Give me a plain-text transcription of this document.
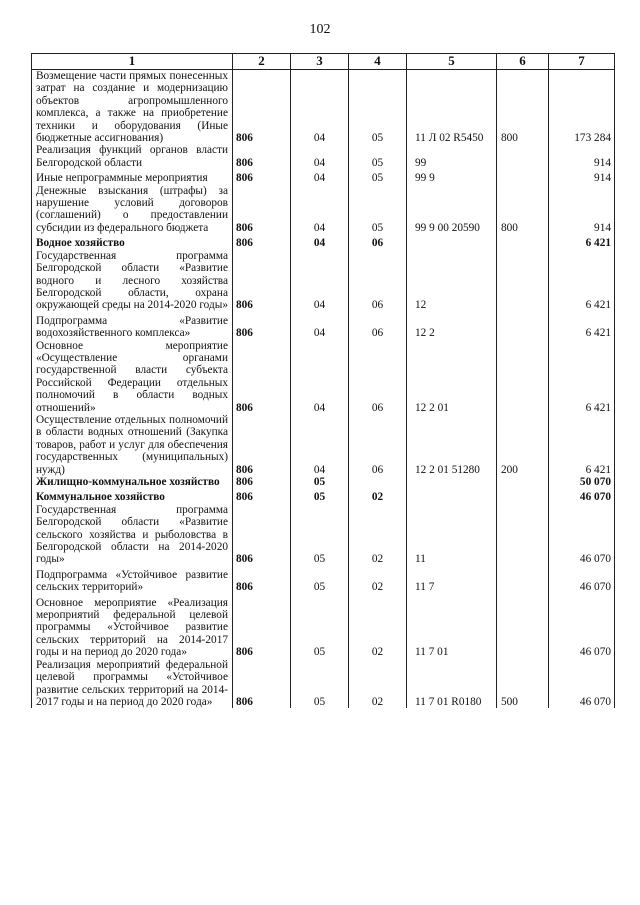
102
1	2	3	4	5	6	7
Возмещение части прямых понесенных затрат на создание и модернизацию объектов агропромышленного комплекса, а также на приобретение техники и оборудования (Иные бюджетные ассигнования)	806	04	05	11 Л 02 R5450	800	173 284
Реализация функций органов власти Белгородской области	806	04	05	99		914
Иные непрограммные мероприятия	806	04	05	99 9		914
Денежные взыскания (штрафы) за нарушение условий договоров (соглашений) о предоставлении субсидии из федерального бюджета	806	04	05	99 9 00 20590	800	914
Водное хозяйство	806	04	06			6 421
Государственная программа Белгородской области «Развитие водного и лесного хозяйства Белгородской области, охрана окружающей среды на 2014-2020 годы»	806	04	06	12		6 421
Подпрограмма «Развитие водохозяйственного комплекса»	806	04	06	12 2		6 421
Основное мероприятие «Осуществление органами государственной власти субъекта Российской Федерации отдельных полномочий в области водных отношений»	806	04	06	12 2 01		6 421
Осуществление отдельных полномочий в области водных отношений (Закупка товаров, работ и услуг для обеспечения государственных (муниципальных) нужд)	806	04	06	12 2 01 51280	200	6 421
Жилищно-коммунальное хозяйство	806	05				50 070
Коммунальное хозяйство	806	05	02			46 070
Государственная программа Белгородской области «Развитие сельского хозяйства и рыболовства в Белгородской области на 2014-2020 годы»	806	05	02	11		46 070
Подпрограмма «Устойчивое развитие сельских территорий»	806	05	02	11 7		46 070
Основное мероприятие «Реализация мероприятий федеральной целевой программы «Устойчивое развитие сельских территорий на 2014-2017 годы и на период до 2020 года»	806	05	02	11 7 01		46 070
Реализация мероприятий федеральной целевой программы «Устойчивое развитие сельских территорий на 2014-2017 годы и на период до 2020 года»	806	05	02	11 7 01 R0180	500	46 070
